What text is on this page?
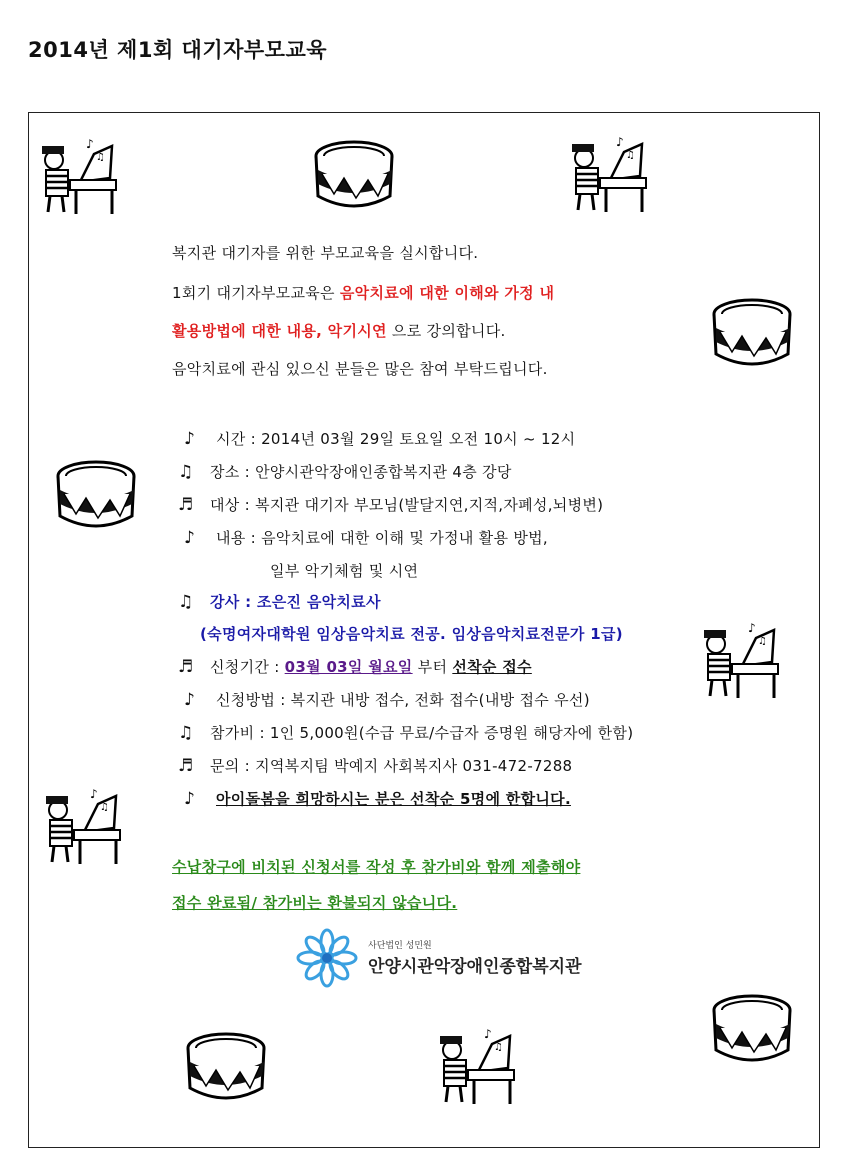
2014년 제1회 대기자부모교육
복지관 대기자를 위한 부모교육을 실시합니다.
1회기 대기자부모교육은 음악치료에 대한 이해와 가정 내
활용방법에 대한 내용, 악기시연 으로 강의합니다.
음악치료에 관심 있으신 분들은 많은 참여 부탁드립니다.
♪ 시간 : 2014년 03월 29일 토요일 오전 10시 ~ 12시
♫ 장소 : 안양시관악장애인종합복지관 4층 강당
♬ 대상 : 복지관 대기자 부모님(발달지연,지적,자폐성,뇌병변)
♪ 내용 : 음악치료에 대한 이해 및 가정내 활용 방법,
일부 악기체험 및 시연
♫ 강사 : 조은진 음악치료사
(숙명여자대학원 임상음악치료 전공. 임상음악치료전문가 1급)
♬ 신청기간 : 03월 03일 월요일 부터 선착순 접수
♪ 신청방법 : 복지관 내방 접수, 전화 접수(내방 접수 우선)
♫ 참가비 : 1인 5,000원(수급 무료/수급자 증명원 해당자에 한함)
♬ 문의 : 지역복지팀 박예지 사회복지사 031-472-7288
♪ 아이돌봄을 희망하시는 분은 선착순 5명에 한합니다.
수납창구에 비치된 신청서를 작성 후 참가비와 함께 제출해야
접수 완료됨/ 참가비는 환불되지 않습니다.
사단법인 성민원
안양시관악장애인종합복지관
